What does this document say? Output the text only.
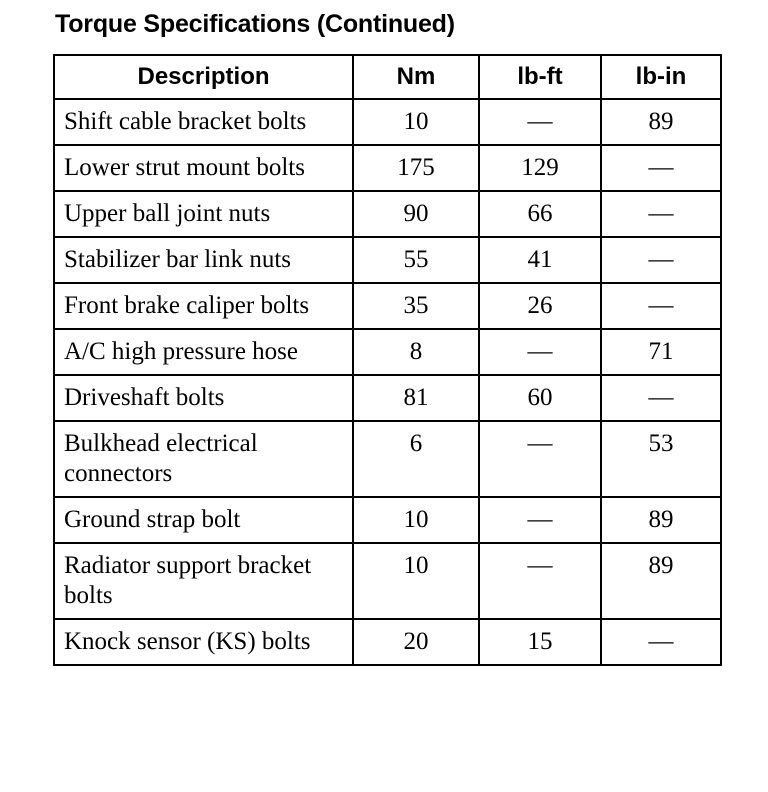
Torque Specifications (Continued)
Description	Nm	lb-ft	lb-in
Shift cable bracket bolts	10	—	89
Lower strut mount bolts	175	129	—
Upper ball joint nuts	90	66	—
Stabilizer bar link nuts	55	41	—
Front brake caliper bolts	35	26	—
A/C high pressure hose	8	—	71
Driveshaft bolts	81	60	—
Bulkhead electrical connectors	6	—	53
Ground strap bolt	10	—	89
Radiator support bracket bolts	10	—	89
Knock sensor (KS) bolts	20	15	—
